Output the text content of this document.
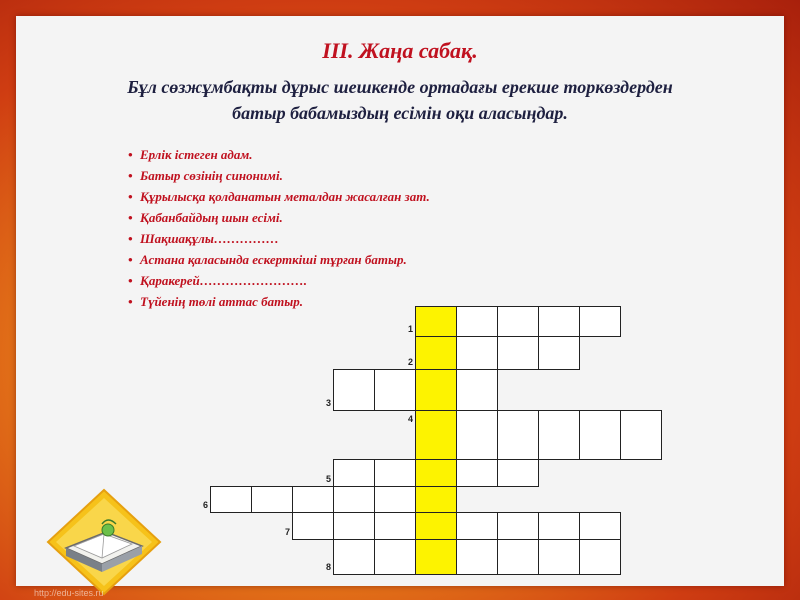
III. Жаңа сабақ.
Бұл сөзжұмбақты дұрыс шешкенде ортадағы ерекше торкөздерден батыр бабамыздың есімін оқи аласыңдар.
• Ерлік істеген адам.
• Батыр сөзінің синонимі.
• Құрылысқа қолданатын металдан жасалған зат.
• Қабанбайдың шын есімі.
• Шақшақұлы……………
• Астана қаласында ескерткіші тұрған батыр.
• Қаракерей…………………….
• Түйенің төлі аттас батыр.
1
2
3
4
5
6
7
8
http://edu-sites.ru
